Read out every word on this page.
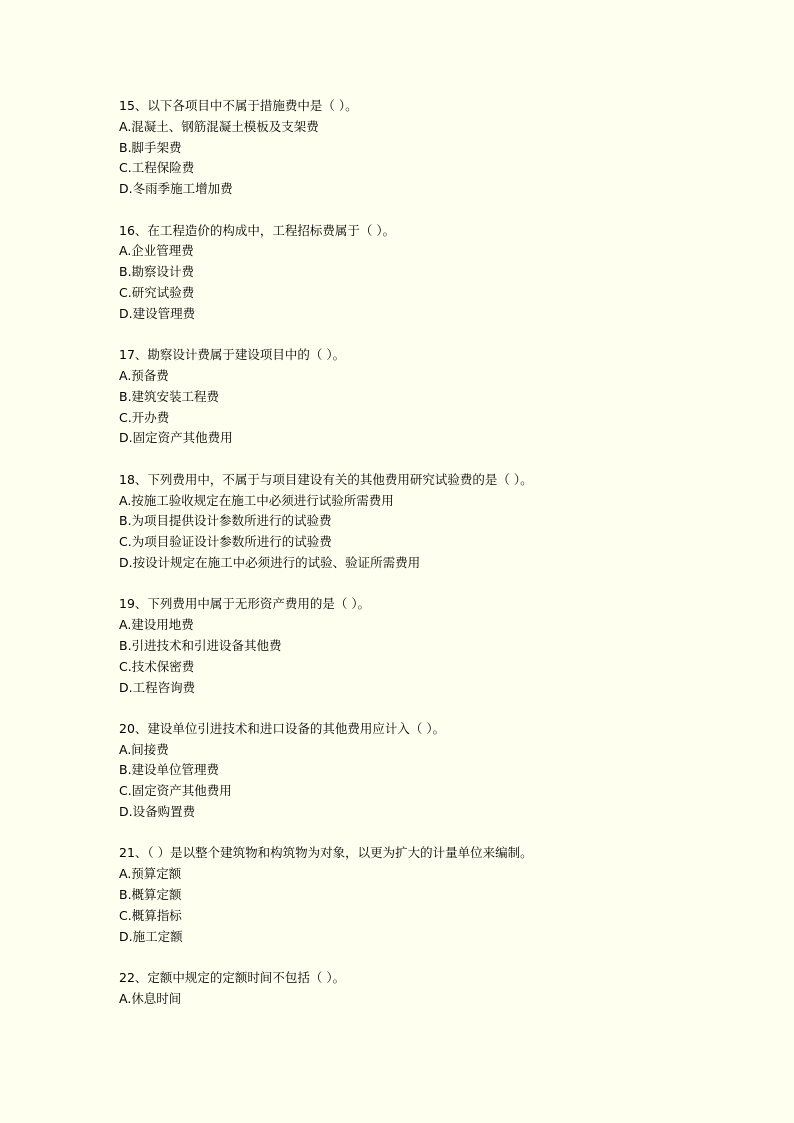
15、以下各项目中不属于措施费中是（ ）。
A.混凝土、钢筋混凝土模板及支架费
B.脚手架费
C.工程保险费
D.冬雨季施工增加费
16、在工程造价的构成中，工程招标费属于（ ）。
A.企业管理费
B.勘察设计费
C.研究试验费
D.建设管理费
17、勘察设计费属于建设项目中的（ ）。
A.预备费
B.建筑安装工程费
C.开办费
D.固定资产其他费用
18、下列费用中，不属于与项目建设有关的其他费用研究试验费的是（ ）。
A.按施工验收规定在施工中必须进行试验所需费用
B.为项目提供设计参数所进行的试验费
C.为项目验证设计参数所进行的试验费
D.按设计规定在施工中必须进行的试验、验证所需费用
19、下列费用中属于无形资产费用的是（ ）。
A.建设用地费
B.引进技术和引进设备其他费
C.技术保密费
D.工程咨询费
20、建设单位引进技术和进口设备的其他费用应计入（ ）。
A.间接费
B.建设单位管理费
C.固定资产其他费用
D.设备购置费
21、（ ）是以整个建筑物和构筑物为对象，以更为扩大的计量单位来编制。
A.预算定额
B.概算定额
C.概算指标
D.施工定额
22、定额中规定的定额时间不包括（ ）。
A.休息时间
